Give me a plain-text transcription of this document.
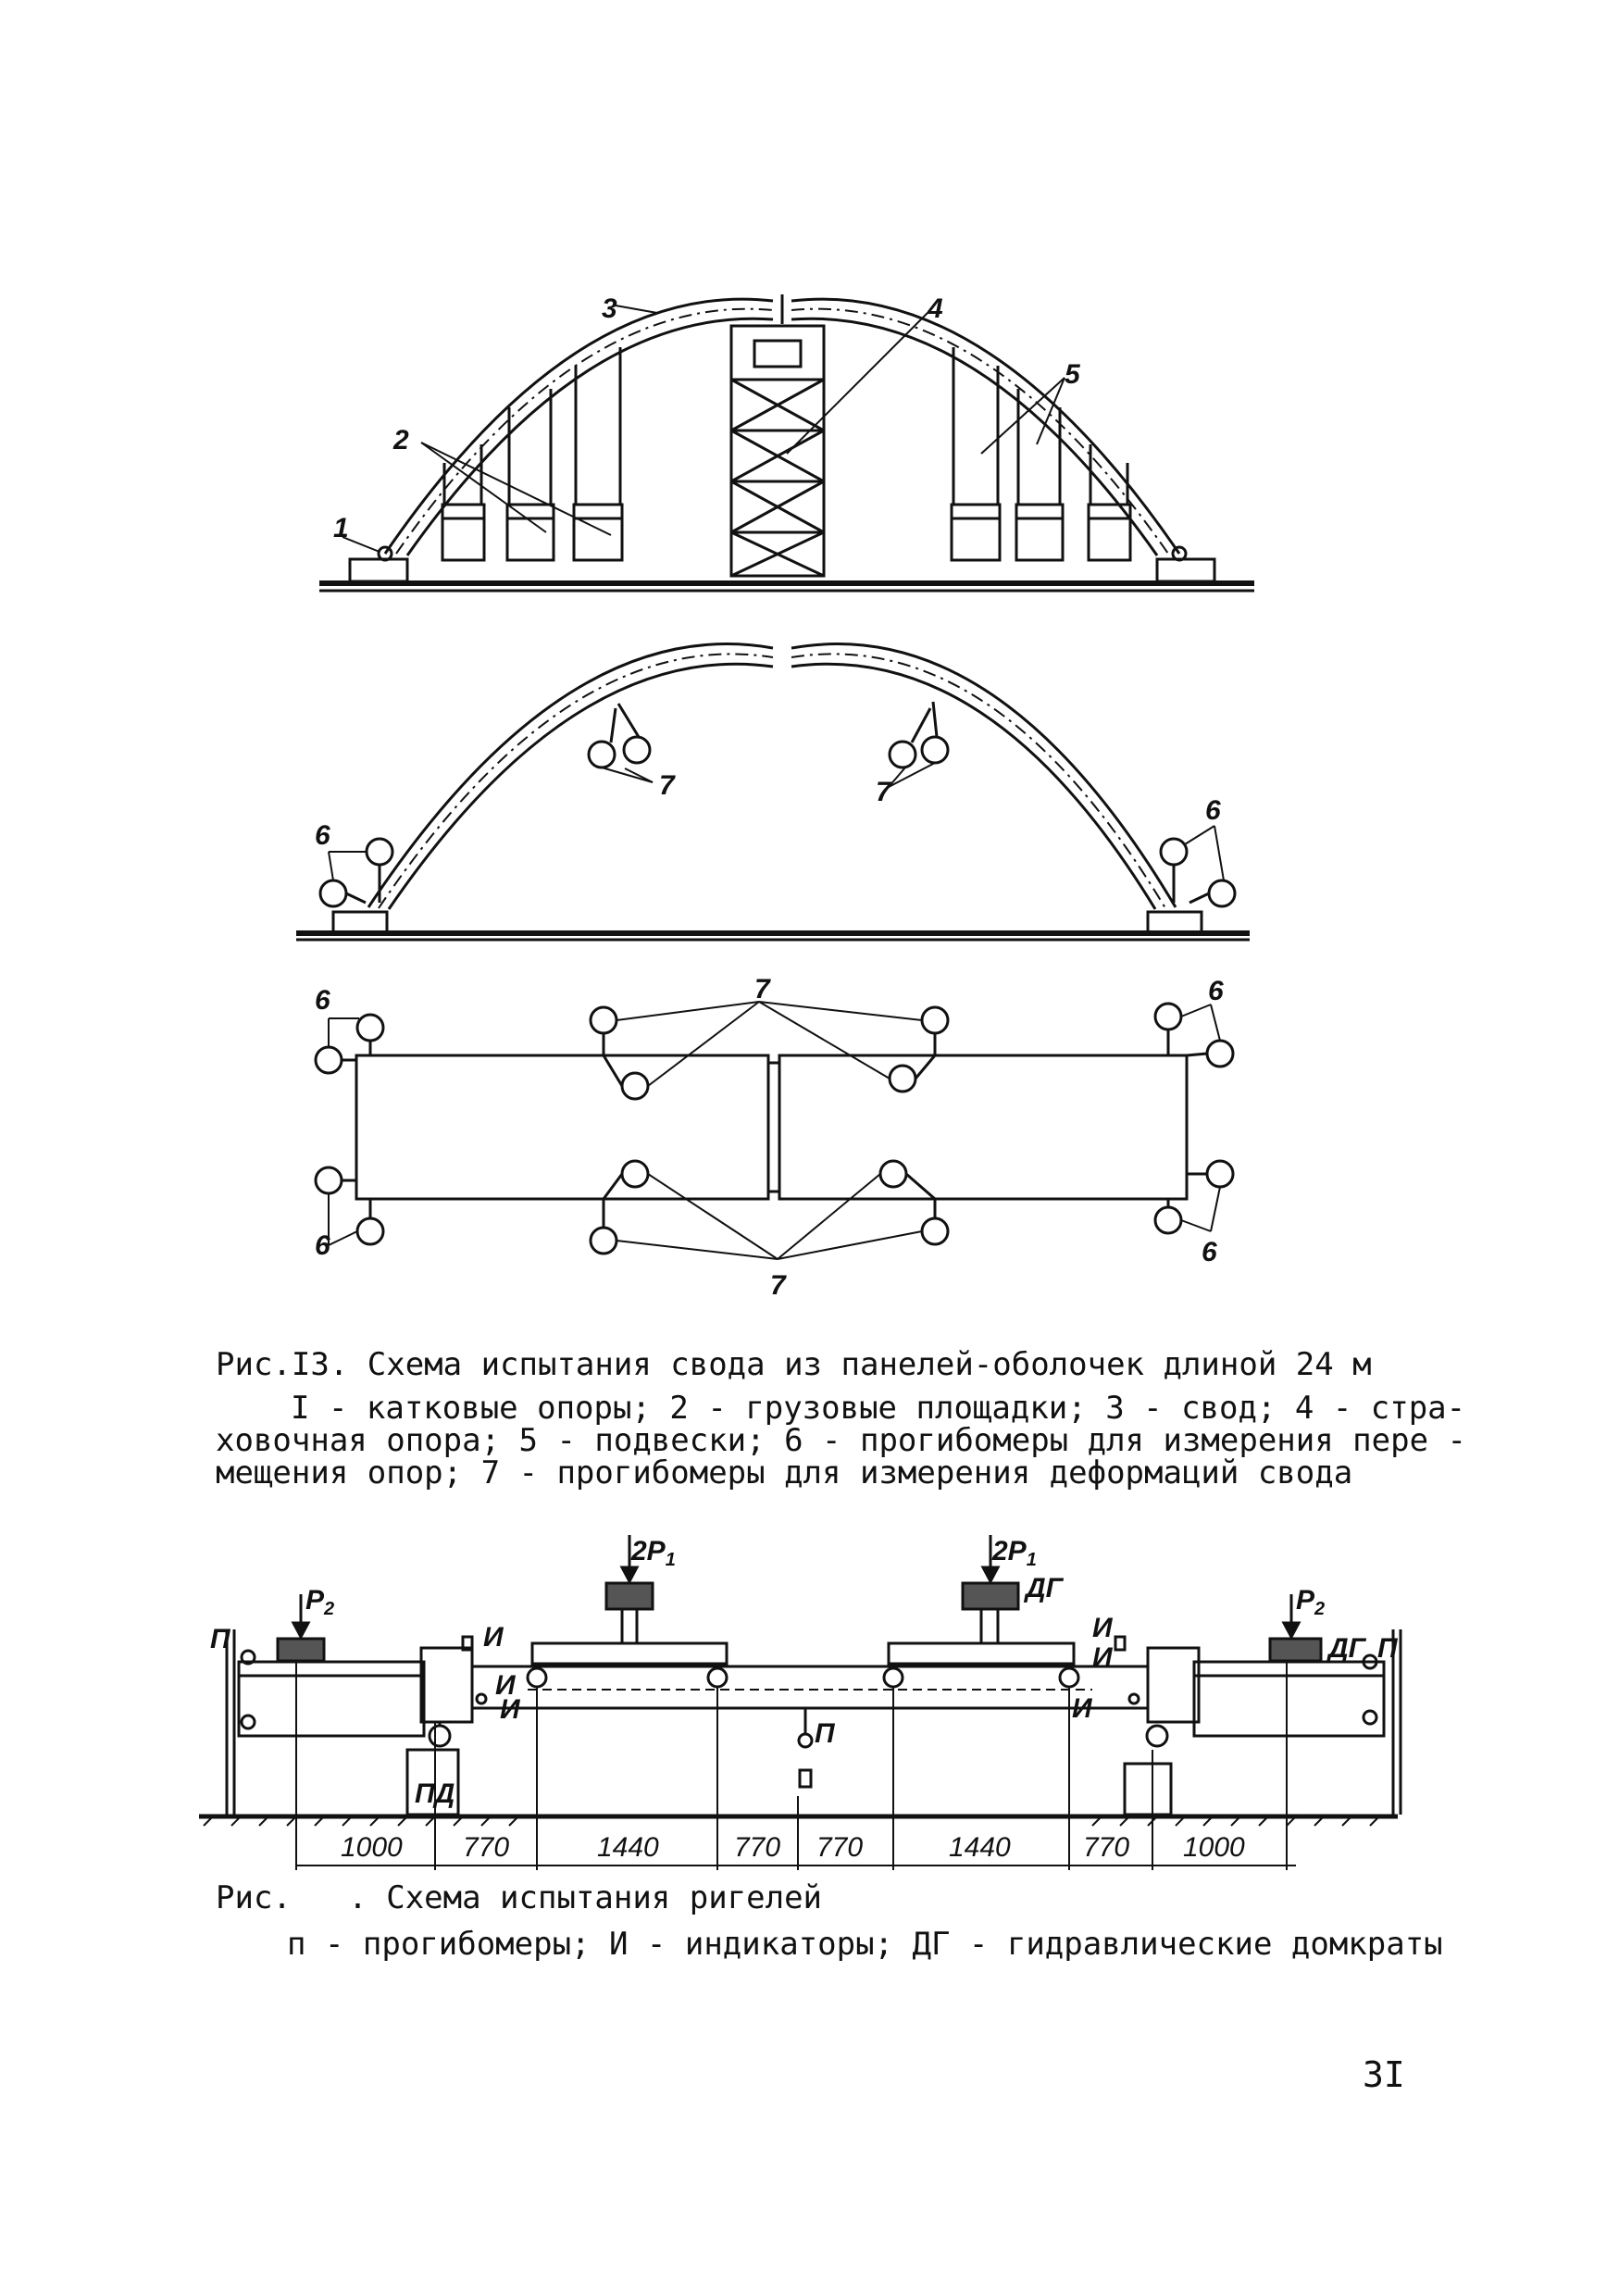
3	4
5
2
1
7	7
6
6
6	7	6
6	6
7
$2P_1$	$2P_1$
$P_2$	$P_2$
ДГ
ДГ
П	П
П
И
И
И
И
И
И
ПД
1000 770	1440	770 770	1440	770 1000
Рис.I3. Схема испытания свода из панелей-оболочек длиной 24 м
I - катковые опоры; 2 - грузовые площадки; 3 - свод; 4 - стра-
ховочная опора; 5 - подвески; 6 - прогибомеры для измерения пере -
мещения опор; 7 - прогибомеры для измерения деформаций свода
Рис.   . Схема испытания ригелей
п - прогибомеры; И - индикаторы; ДГ - гидравлические домкраты
3I
